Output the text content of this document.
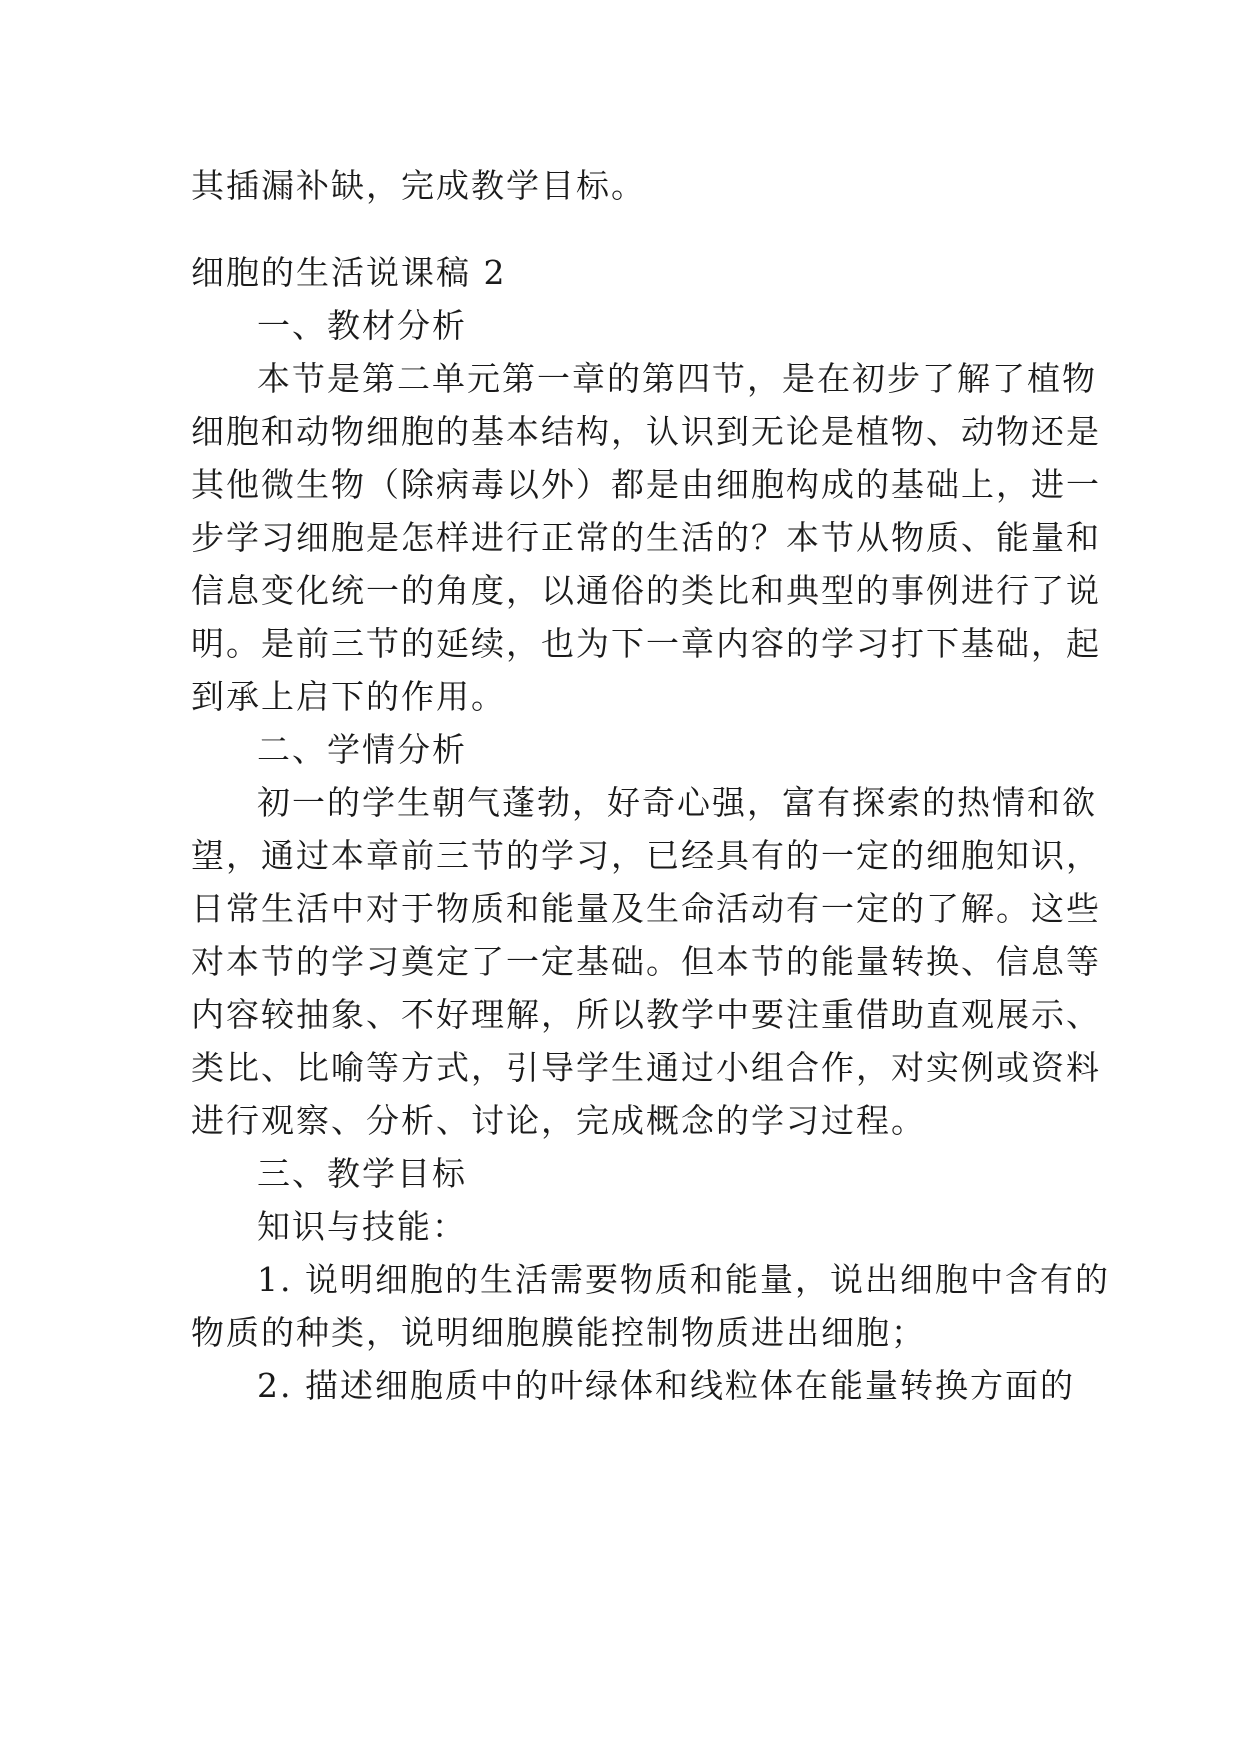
其插漏补缺，完成教学目标。
细胞的生活说课稿 2
一、教材分析
本节是第二单元第一章的第四节，是在初步了解了植物
细胞和动物细胞的基本结构，认识到无论是植物、动物还是
其他微生物（除病毒以外）都是由细胞构成的基础上，进一
步学习细胞是怎样进行正常的生活的？本节从物质、能量和
信息变化统一的角度，以通俗的类比和典型的事例进行了说
明。是前三节的延续，也为下一章内容的学习打下基础，起
到承上启下的作用。
二、学情分析
初一的学生朝气蓬勃，好奇心强，富有探索的热情和欲
望，通过本章前三节的学习，已经具有的一定的细胞知识，
日常生活中对于物质和能量及生命活动有一定的了解。这些
对本节的学习奠定了一定基础。但本节的能量转换、信息等
内容较抽象、不好理解，所以教学中要注重借助直观展示、
类比、比喻等方式，引导学生通过小组合作，对实例或资料
进行观察、分析、讨论，完成概念的学习过程。
三、教学目标
知识与技能：
1. 说明细胞的生活需要物质和能量，说出细胞中含有的
物质的种类，说明细胞膜能控制物质进出细胞；
2. 描述细胞质中的叶绿体和线粒体在能量转换方面的
